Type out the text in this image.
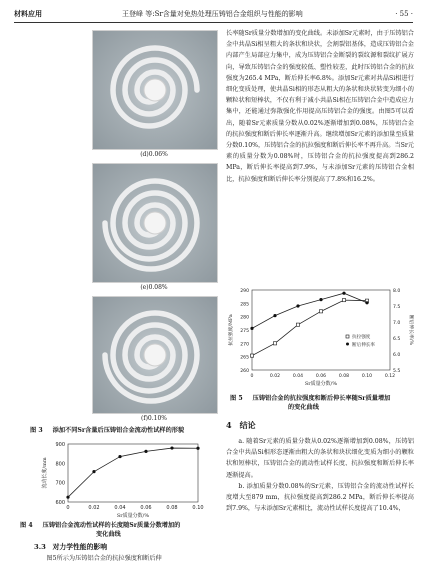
材料应用	王登峰 等:Sr含量对免热处理压铸铝合金组织与性能的影响	· 55 ·
(d)0.06%
(e)0.08%
(f)0.10%
图 3 添加不同Sr含量后压铸铝合金流动性试样的形貌
900
800
700
600
0	0.02	0.04	0.06	0.08	0.10
Sr质量分数/%
流动长度/mm
图 4 压铸铝合金流动性试样的长度随Sr质量分数增加的
变化曲线
3.3　对力学性能的影响

图5所示为压铸铝合金的抗拉强度和断后伸

长率随Sr质量分数增加的变化曲线。未添加Sr元素时，由于压铸铝合金中共晶Si相呈粗大的条状和块状，会割裂铝基体，造成压铸铝合金内部产生局部应力集中，成为压铸铝合金断裂的裂纹源和裂纹扩展方向，导致压铸铝合金的强度较低、塑性较差，此时压铸铝合金的抗拉强度为265.4 MPa，断后伸长率6.8%。添加Sr元素对共晶Si相进行细化变质处理，使共晶Si相的形态从粗大的条状和块状转变为细小的颗粒状和短棒状，不仅有利于减小共晶Si相在压铸铝合金中造成应力集中，还能通过弥散强化作用提高压铸铝合金的强度。由图5可以看出，随着Sr元素质量分数从0.02%逐渐增加到0.08%，压铸铝合金的抗拉强度和断后伸长率逐渐升高。继续增加Sr元素的添加量至质量分数0.10%，压铸铝合金的抗拉强度和断后伸长率不再升高。当Sr元素的质量分数为0.08%时，压铸铝合金的抗拉强度提高到286.2 MPa，断后伸长率提高到7.9%，与未添加Sr元素的压铸铝合金相比，抗拉强度和断后伸长率分别提高了7.8%和16.2%。

290
285
280
275
270
265
260
8.0
7.5
7.0
6.5
6.0
5.5
0	0.02	0.04	0.06	0.08	0.10	0.12
Sr质量分数/%
抗拉强度/MPa	断后伸长率/%
抗拉强度
断后伸长率
图 5 压铸铝合金的抗拉强度和断后伸长率随Sr质量增加
的变化曲线
4　结论

a. 随着Sr元素的质量分数从0.02%逐渐增加到0.08%，压铸铝合金中共晶Si相形态逐渐由粗大的条状和块状细化变质为细小的颗粒状和短棒状，压铸铝合金的流动性试样长度、抗拉强度和断后伸长率逐渐提高。

b. 添加质量分数0.08%的Sr元素，压铸铝合金的流动性试样长度增大至879 mm，抗拉强度提高到286.2 MPa，断后伸长率提高到7.9%，与未添加Sr元素相比，流动性试样长度提高了10.4%，
